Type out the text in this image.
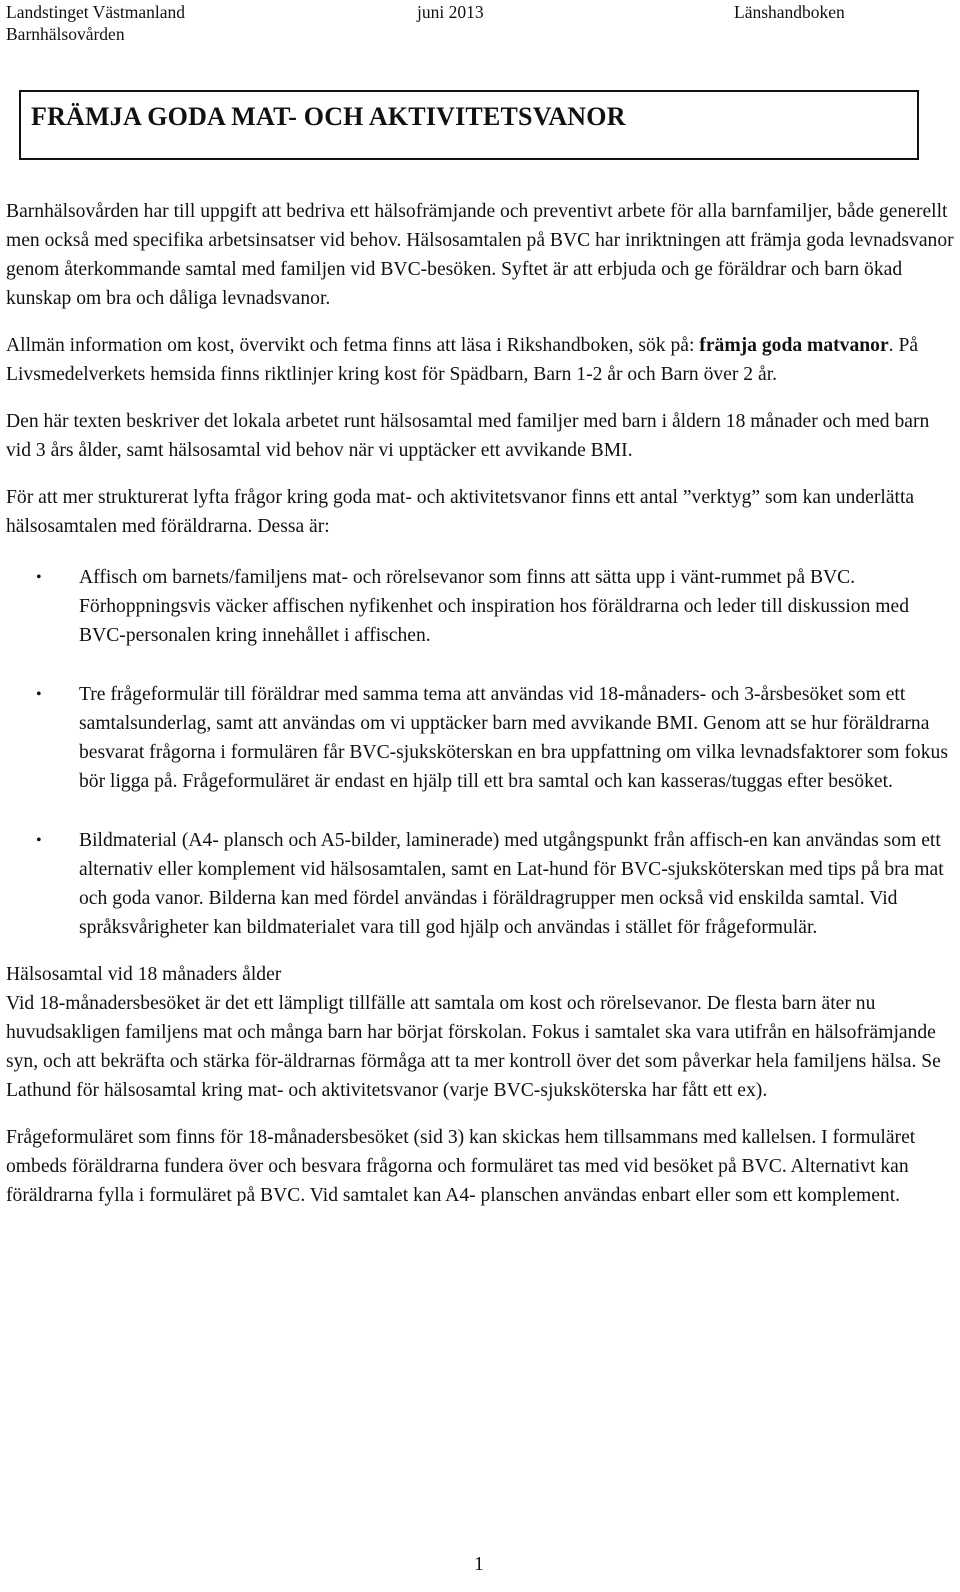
Landstinget Västmanland	juni 2013	Länshandboken
Barnhälsovården
FRÄMJA GODA MAT- OCH AKTIVITETSVANOR

Barnhälsovården har till uppgift att bedriva ett hälsofrämjande och preventivt arbete för alla barnfamiljer, både generellt men också med specifika arbetsinsatser vid behov. Hälsosamtalen på BVC har inriktningen att främja goda levnadsvanor genom återkommande samtal med familjen vid BVC-besöken. Syftet är att erbjuda och ge föräldrar och barn ökad kunskap om bra och dåliga levnadsvanor.

Allmän information om kost, övervikt och fetma finns att läsa i Rikshandboken, sök på: främja goda matvanor. På Livsmedelverkets hemsida finns riktlinjer kring kost för Spädbarn, Barn 1-2 år och Barn över 2 år.

Den här texten beskriver det lokala arbetet runt hälsosamtal med familjer med barn i åldern 18 månader och med barn vid 3 års ålder, samt hälsosamtal vid behov när vi upptäcker ett avvikande BMI.

För att mer strukturerat lyfta frågor kring goda mat- och aktivitetsvanor finns ett antal ”verktyg” som kan underlätta hälsosamtalen med föräldrarna. Dessa är:

• Affisch om barnets/familjens mat- och rörelsevanor som finns att sätta upp i vänt-rummet på BVC. Förhoppningsvis väcker affischen nyfikenhet och inspiration hos föräldrarna och leder till diskussion med BVC-personalen kring innehållet i affischen.
• Tre frågeformulär till föräldrar med samma tema att användas vid 18-månaders- och 3-årsbesöket som ett samtalsunderlag, samt att användas om vi upptäcker barn med avvikande BMI. Genom att se hur föräldrarna besvarat frågorna i formulären får BVC-sjuksköterskan en bra uppfattning om vilka levnadsfaktorer som fokus bör ligga på. Frågeformuläret är endast en hjälp till ett bra samtal och kan kasseras/tuggas efter besöket.
• Bildmaterial (A4- plansch och A5-bilder, laminerade) med utgångspunkt från affisch-en kan användas som ett alternativ eller komplement vid hälsosamtalen, samt en Lat-hund för BVC-sjuksköterskan med tips på bra mat och goda vanor. Bilderna kan med fördel användas i föräldragrupper men också vid enskilda samtal. Vid språksvårigheter kan bildmaterialet vara till god hjälp och användas i stället för frågeformulär.

Hälsosamtal vid 18 månaders ålder
Vid 18-månadersbesöket är det ett lämpligt tillfälle att samtala om kost och rörelsevanor. De flesta barn äter nu huvudsakligen familjens mat och många barn har börjat förskolan. Fokus i samtalet ska vara utifrån en hälsofrämjande syn, och att bekräfta och stärka för-äldrarnas förmåga att ta mer kontroll över det som påverkar hela familjens hälsa. Se Lathund för hälsosamtal kring mat- och aktivitetsvanor (varje BVC-sjuksköterska har fått ett ex).

Frågeformuläret som finns för 18-månadersbesöket (sid 3) kan skickas hem tillsammans med kallelsen. I formuläret ombeds föräldrarna fundera över och besvara frågorna och formuläret tas med vid besöket på BVC. Alternativt kan föräldrarna fylla i formuläret på BVC. Vid samtalet kan A4- planschen användas enbart eller som ett komplement.

1
